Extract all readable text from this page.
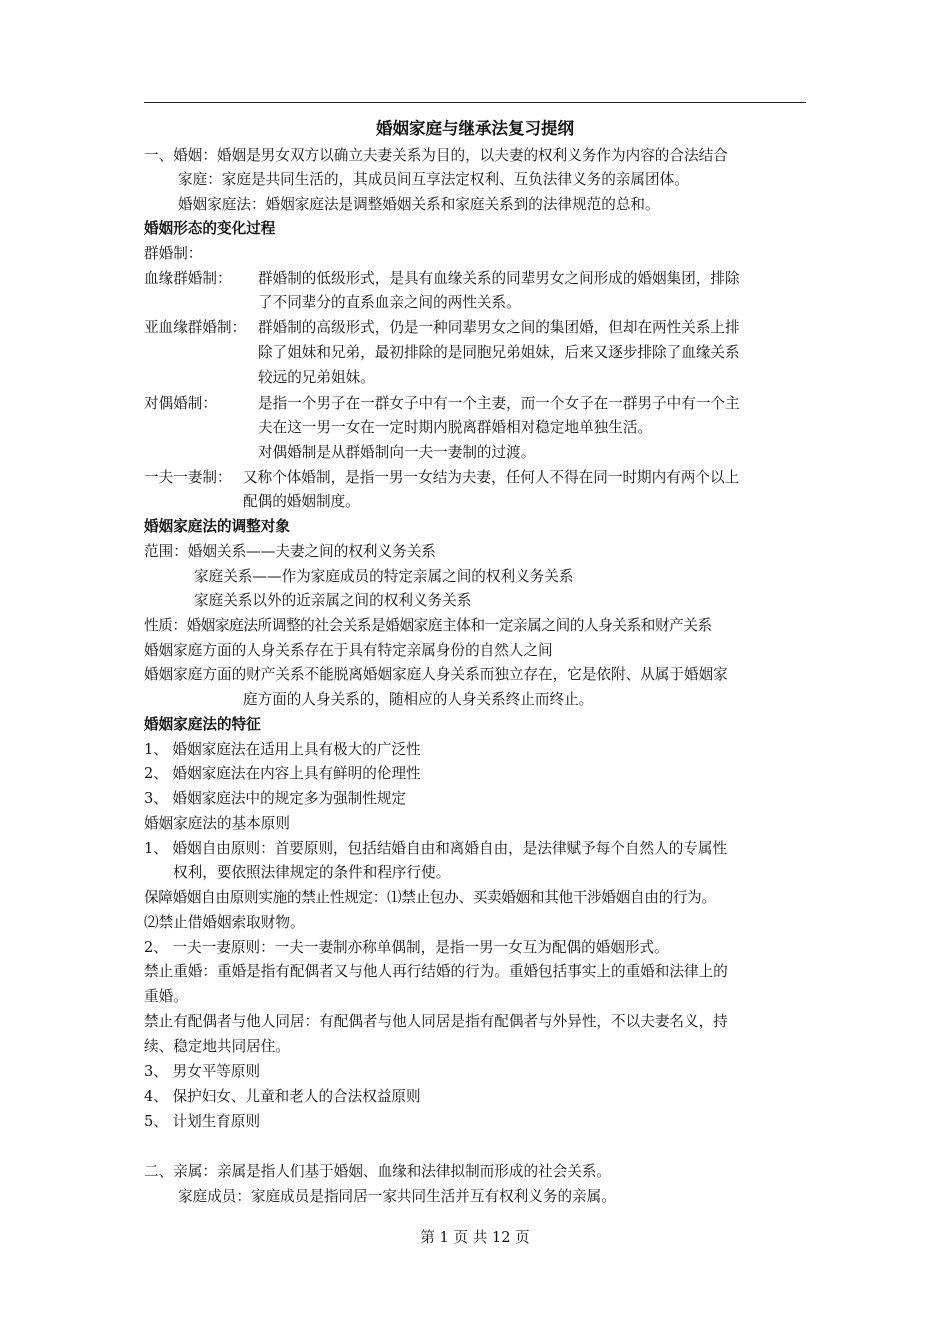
婚姻家庭与继承法复习提纲
一、婚姻：婚姻是男女双方以确立夫妻关系为目的，以夫妻的权利义务作为内容的合法结合
家庭：家庭是共同生活的，其成员间互享法定权利、互负法律义务的亲属团体。
婚姻家庭法：婚姻家庭法是调整婚姻关系和家庭关系到的法律规范的总和。
婚姻形态的变化过程
群婚制：
血缘群婚制：	群婚制的低级形式，是具有血缘关系的同辈男女之间形成的婚姻集团，排除
了不同辈分的直系血亲之间的两性关系。
亚血缘群婚制： 群婚制的高级形式，仍是一种同辈男女之间的集团婚，但却在两性关系上排
除了姐妹和兄弟，最初排除的是同胞兄弟姐妹，后来又逐步排除了血缘关系
较远的兄弟姐妹。
对偶婚制：	是指一个男子在一群女子中有一个主妻，而一个女子在一群男子中有一个主
夫在这一男一女在一定时期内脱离群婚相对稳定地单独生活。
对偶婚制是从群婚制向一夫一妻制的过渡。
一夫一妻制： 又称个体婚制，是指一男一女结为夫妻，任何人不得在同一时期内有两个以上
配偶的婚姻制度。
婚姻家庭法的调整对象
范围：婚姻关系——夫妻之间的权利义务关系
家庭关系——作为家庭成员的特定亲属之间的权利义务关系
家庭关系以外的近亲属之间的权利义务关系
性质：婚姻家庭法所调整的社会关系是婚姻家庭主体和一定亲属之间的人身关系和财产关系
婚姻家庭方面的人身关系存在于具有特定亲属身份的自然人之间
婚姻家庭方面的财产关系不能脱离婚姻家庭人身关系而独立存在，它是依附、从属于婚姻家
庭方面的人身关系的，随相应的人身关系终止而终止。
婚姻家庭法的特征
1、 婚姻家庭法在适用上具有极大的广泛性
2、 婚姻家庭法在内容上具有鲜明的伦理性
3、 婚姻家庭法中的规定多为强制性规定
婚姻家庭法的基本原则
1、 婚姻自由原则：首要原则，包括结婚自由和离婚自由，是法律赋予每个自然人的专属性
权利，要依照法律规定的条件和程序行使。
保障婚姻自由原则实施的禁止性规定：⑴禁止包办、买卖婚姻和其他干涉婚姻自由的行为。
⑵禁止借婚姻索取财物。
2、 一夫一妻原则：一夫一妻制亦称单偶制，是指一男一女互为配偶的婚姻形式。
禁止重婚：重婚是指有配偶者又与他人再行结婚的行为。重婚包括事实上的重婚和法律上的
重婚。
禁止有配偶者与他人同居：有配偶者与他人同居是指有配偶者与外异性，不以夫妻名义，持
续、稳定地共同居住。
3、 男女平等原则
4、 保护妇女、儿童和老人的合法权益原则
5、 计划生育原则
二、亲属：亲属是指人们基于婚姻、血缘和法律拟制而形成的社会关系。
家庭成员：家庭成员是指同居一家共同生活并互有权利义务的亲属。
第 1 页 共 12 页
